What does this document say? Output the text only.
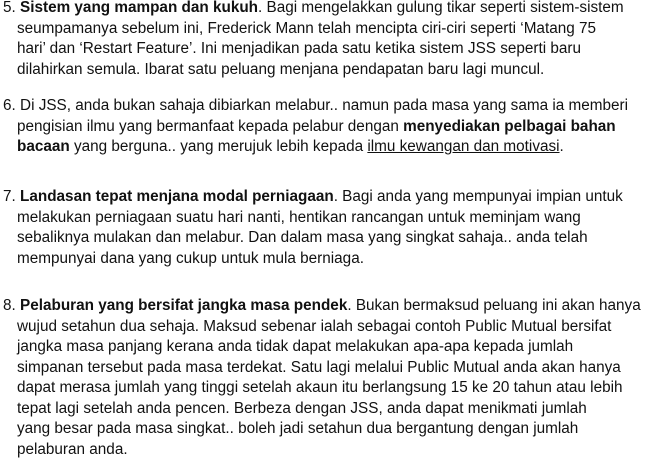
5. Sistem yang mampan dan kukuh. Bagi mengelakkan gulung tikar seperti sistem-sistem
seumpamanya sebelum ini, Frederick Mann telah mencipta ciri-ciri seperti ‘Matang 75
hari’ dan ‘Restart Feature’. Ini menjadikan pada satu ketika sistem JSS seperti baru
dilahirkan semula. Ibarat satu peluang menjana pendapatan baru lagi muncul.
6. Di JSS, anda bukan sahaja dibiarkan melabur.. namun pada masa yang sama ia memberi
pengisian ilmu yang bermanfaat kepada pelabur dengan menyediakan pelbagai bahan
bacaan yang berguna.. yang merujuk lebih kepada ilmu kewangan dan motivasi.
7. Landasan tepat menjana modal perniagaan. Bagi anda yang mempunyai impian untuk
melakukan perniagaan suatu hari nanti, hentikan rancangan untuk meminjam wang
sebaliknya mulakan dan melabur. Dan dalam masa yang singkat sahaja.. anda telah
mempunyai dana yang cukup untuk mula berniaga.
8. Pelaburan yang bersifat jangka masa pendek. Bukan bermaksud peluang ini akan hanya
wujud setahun dua sehaja. Maksud sebenar ialah sebagai contoh Public Mutual bersifat
jangka masa panjang kerana anda tidak dapat melakukan apa-apa kepada jumlah
simpanan tersebut pada masa terdekat. Satu lagi melalui Public Mutual anda akan hanya
dapat merasa jumlah yang tinggi setelah akaun itu berlangsung 15 ke 20 tahun atau lebih
tepat lagi setelah anda pencen. Berbeza dengan JSS, anda dapat menikmati jumlah
yang besar pada masa singkat.. boleh jadi setahun dua bergantung dengan jumlah
pelaburan anda.
